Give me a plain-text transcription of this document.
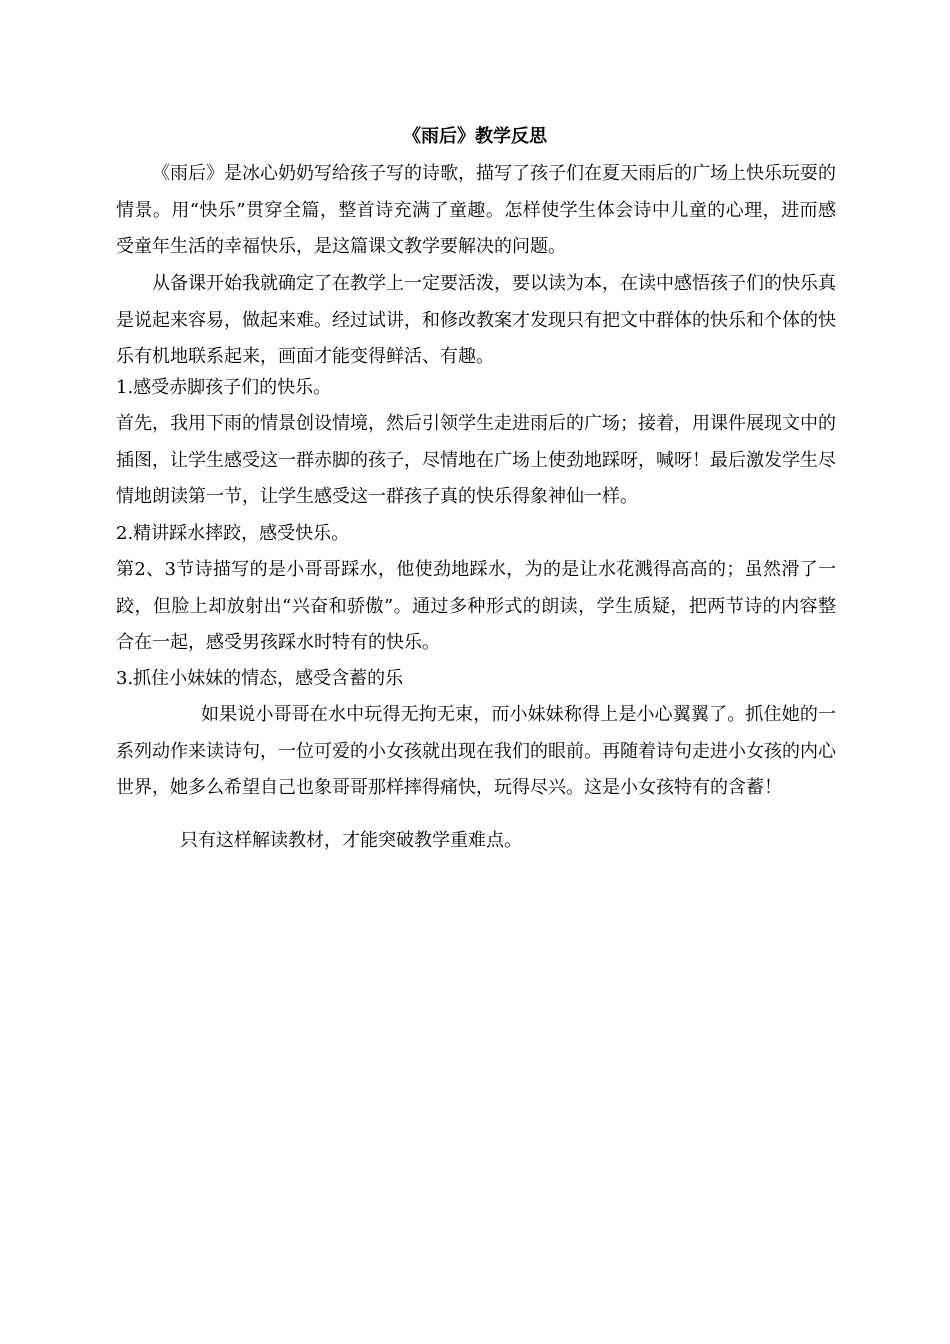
《雨后》教学反思
《雨后》是冰心奶奶写给孩子写的诗歌，描写了孩子们在夏天雨后的广场上快乐玩耍的情景。用“快乐”贯穿全篇，整首诗充满了童趣。怎样使学生体会诗中儿童的心理，进而感受童年生活的幸福快乐，是这篇课文教学要解决的问题。
从备课开始我就确定了在教学上一定要活泼，要以读为本，在读中感悟孩子们的快乐真是说起来容易，做起来难。经过试讲，和修改教案才发现只有把文中群体的快乐和个体的快乐有机地联系起来，画面才能变得鲜活、有趣。
1.感受赤脚孩子们的快乐。
首先，我用下雨的情景创设情境，然后引领学生走进雨后的广场；接着，用课件展现文中的插图，让学生感受这一群赤脚的孩子，尽情地在广场上使劲地踩呀，喊呀！最后激发学生尽情地朗读第一节，让学生感受这一群孩子真的快乐得象神仙一样。
2.精讲踩水摔跤，感受快乐。
第2、3节诗描写的是小哥哥踩水，他使劲地踩水，为的是让水花溅得高高的；虽然滑了一跤，但脸上却放射出“兴奋和骄傲”。通过多种形式的朗读，学生质疑，把两节诗的内容整合在一起，感受男孩踩水时特有的快乐。
3.抓住小妹妹的情态，感受含蓄的乐
如果说小哥哥在水中玩得无拘无束，而小妹妹称得上是小心翼翼了。抓住她的一系列动作来读诗句，一位可爱的小女孩就出现在我们的眼前。再随着诗句走进小女孩的内心世界，她多么希望自己也象哥哥那样摔得痛快，玩得尽兴。这是小女孩特有的含蓄！
只有这样解读教材，才能突破教学重难点。
